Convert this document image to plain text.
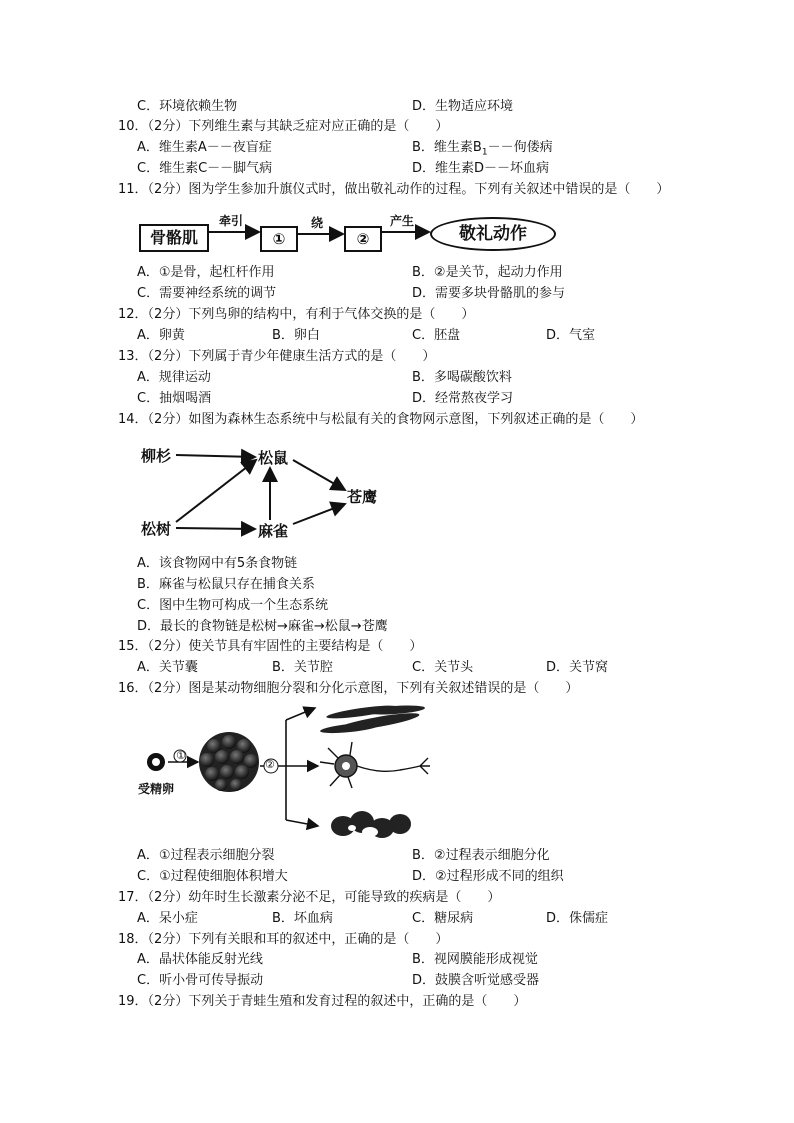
C．环境依赖生物	D．生物适应环境
10．（2分）下列维生素与其缺乏症对应正确的是（　　）
A．维生素A－－夜盲症	B．维生素$B_1--$佝偻病
C．维生素C－－脚气病	D．维生素D－－坏血病
11．（2分）图为学生参加升旗仪式时，做出敬礼动作的过程。下列有关叙述中错误的是（　　）
骨骼肌	①	②	敬礼动作
牵引	绕	产生
A．①是骨，起杠杆作用	B．②是关节，起动力作用
C．需要神经系统的调节	D．需要多块骨骼肌的参与
12．（2分）下列鸟卵的结构中，有利于气体交换的是（　　）
A．卵黄	B．卵白	C．胚盘	D．气室
13．（2分）下列属于青少年健康生活方式的是（　　）
A．规律运动	B．多喝碳酸饮料
C．抽烟喝酒	D．经常熬夜学习
14．（2分）如图为森林生态系统中与松鼠有关的食物网示意图，下列叙述正确的是（　　）
柳杉	松鼠
苍鹰
松树	麻雀
A．该食物网中有5条食物链
B．麻雀与松鼠只存在捕食关系
C．图中生物可构成一个生态系统
D．最长的食物链是松树→麻雀→松鼠→苍鹰
15．（2分）使关节具有牢固性的主要结构是（　　）
A．关节囊	B．关节腔	C．关节头	D．关节窝
16．（2分）图是某动物细胞分裂和分化示意图，下列有关叙述错误的是（　　）
①
②
受精卵
A．①过程表示细胞分裂	B．②过程表示细胞分化
C．①过程使细胞体积增大	D．②过程形成不同的组织
17．（2分）幼年时生长激素分泌不足，可能导致的疾病是（　　）
A．呆小症	B．坏血病	C．糖尿病	D．侏儒症
18．（2分）下列有关眼和耳的叙述中，正确的是（　　）
A．晶状体能反射光线	B．视网膜能形成视觉
C．听小骨可传导振动	D．鼓膜含听觉感受器
19．（2分）下列关于青蛙生殖和发育过程的叙述中，正确的是（　　）
